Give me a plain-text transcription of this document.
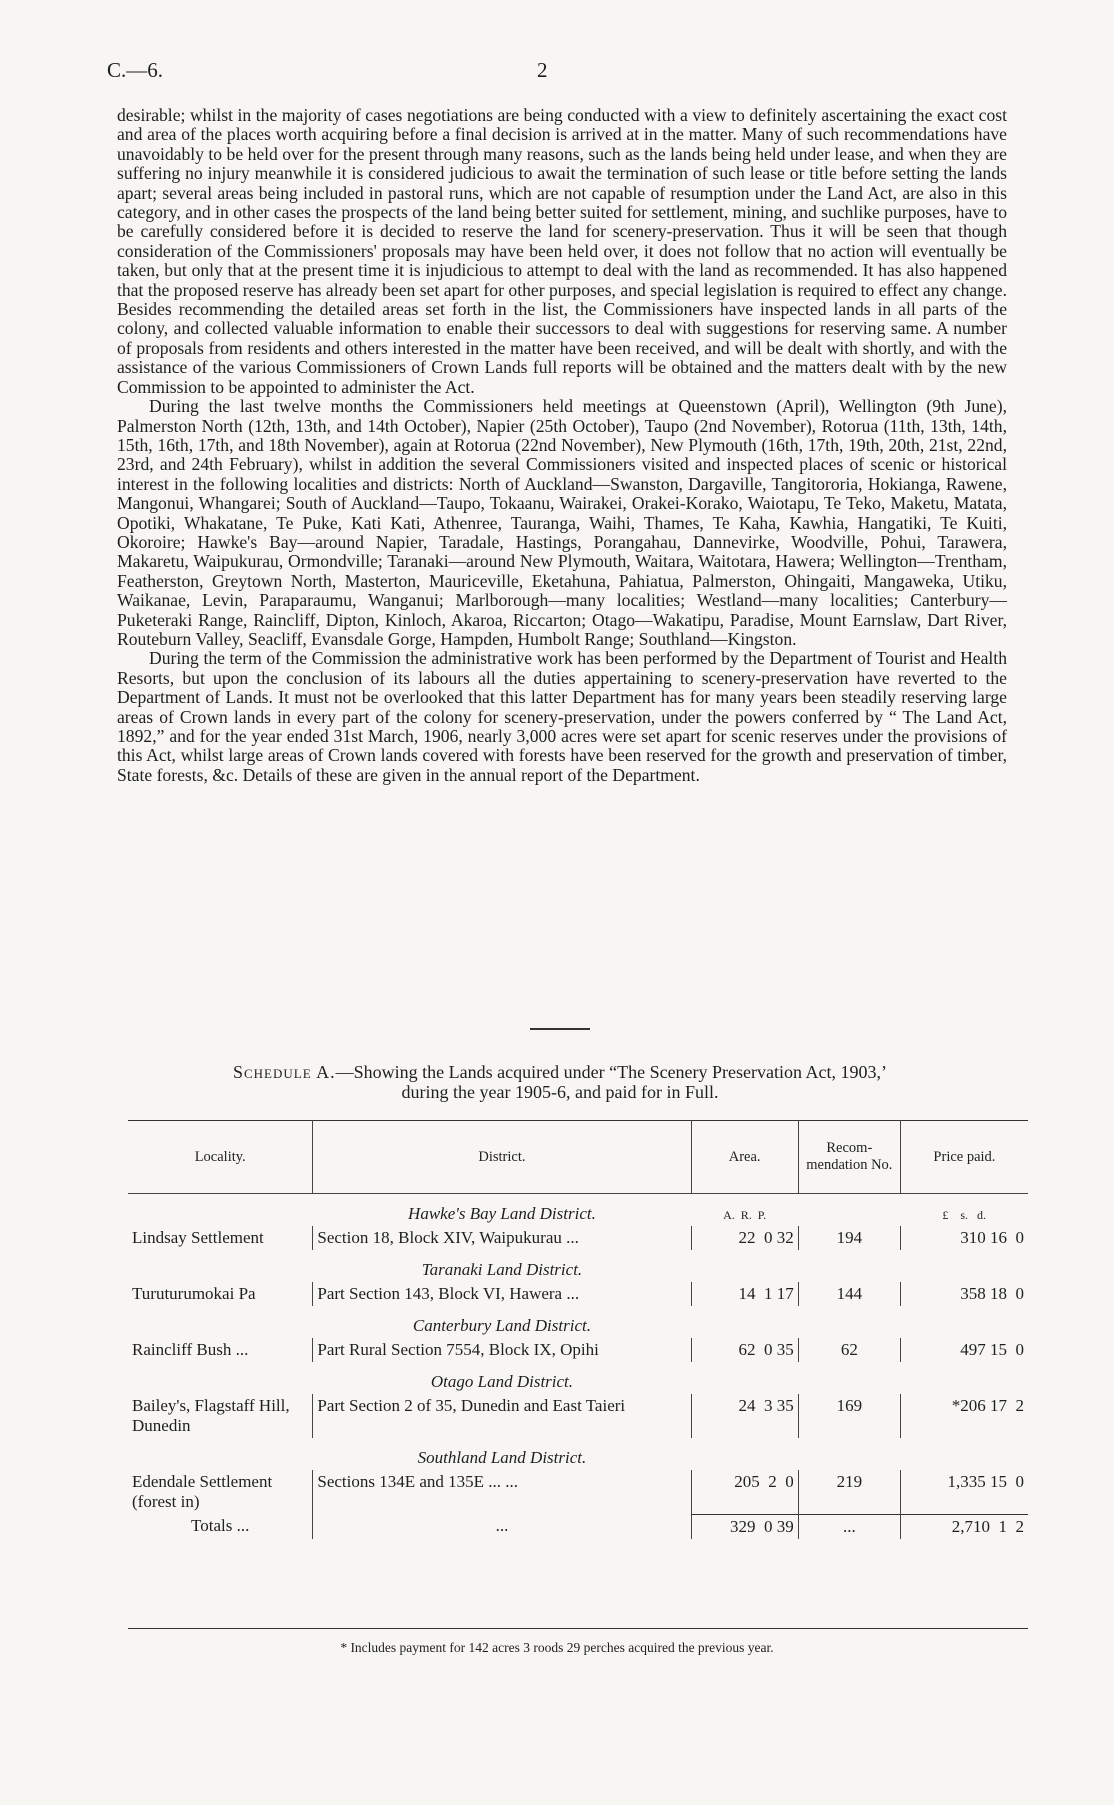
C.—6.	2

desirable; whilst in the majority of cases negotiations are being conducted with a view to definitely ascertaining the exact cost and area of the places worth acquiring before a final decision is arrived at in the matter. Many of such recommendations have unavoidably to be held over for the present through many reasons, such as the lands being held under lease, and when they are suffering no injury meanwhile it is considered judicious to await the termination of such lease or title before setting the lands apart; several areas being included in pastoral runs, which are not capable of resumption under the Land Act, are also in this category, and in other cases the prospects of the land being better suited for settlement, mining, and suchlike purposes, have to be carefully considered before it is decided to reserve the land for scenery-preservation. Thus it will be seen that though consideration of the Commissioners' proposals may have been held over, it does not follow that no action will eventually be taken, but only that at the present time it is injudicious to attempt to deal with the land as recommended. It has also happened that the proposed reserve has already been set apart for other purposes, and special legislation is required to effect any change. Besides recommending the detailed areas set forth in the list, the Commissioners have inspected lands in all parts of the colony, and collected valuable information to enable their successors to deal with suggestions for reserving same. A number of proposals from residents and others interested in the matter have been received, and will be dealt with shortly, and with the assistance of the various Commissioners of Crown Lands full reports will be obtained and the matters dealt with by the new Commission to be appointed to administer the Act.

During the last twelve months the Commissioners held meetings at Queenstown (April), Wellington (9th June), Palmerston North (12th, 13th, and 14th October), Napier (25th October), Taupo (2nd November), Rotorua (11th, 13th, 14th, 15th, 16th, 17th, and 18th November), again at Rotorua (22nd November), New Plymouth (16th, 17th, 19th, 20th, 21st, 22nd, 23rd, and 24th February), whilst in addition the several Commissioners visited and inspected places of scenic or historical interest in the following localities and districts: North of Auckland—Swanston, Dargaville, Tangitororia, Hokianga, Rawene, Mangonui, Whangarei; South of Auckland—Taupo, Tokaanu, Wairakei, Orakei-Korako, Waiotapu, Te Teko, Maketu, Matata, Opotiki, Whakatane, Te Puke, Kati Kati, Athenree, Tauranga, Waihi, Thames, Te Kaha, Kawhia, Hangatiki, Te Kuiti, Okoroire; Hawke's Bay—around Napier, Taradale, Hastings, Porangahau, Dannevirke, Woodville, Pohui, Tarawera, Makaretu, Waipukurau, Ormondville; Taranaki—around New Plymouth, Waitara, Waitotara, Hawera; Wellington—Trentham, Featherston, Greytown North, Masterton, Mauriceville, Eketahuna, Pahiatua, Palmerston, Ohingaiti, Mangaweka, Utiku, Waikanae, Levin, Paraparaumu, Wanganui; Marlborough—many localities; Westland—many localities; Canterbury—Puketeraki Range, Raincliff, Dipton, Kinloch, Akaroa, Riccarton; Otago—Wakatipu, Paradise, Mount Earnslaw, Dart River, Routeburn Valley, Seacliff, Evansdale Gorge, Hampden, Humbolt Range; Southland—Kingston.

During the term of the Commission the administrative work has been performed by the Department of Tourist and Health Resorts, but upon the conclusion of its labours all the duties appertaining to scenery-preservation have reverted to the Department of Lands. It must not be overlooked that this latter Department has for many years been steadily reserving large areas of Crown lands in every part of the colony for scenery-preservation, under the powers conferred by “ The Land Act, 1892,” and for the year ended 31st March, 1906, nearly 3,000 acres were set apart for scenic reserves under the provisions of this Act, whilst large areas of Crown lands covered with forests have been reserved for the growth and preservation of timber, State forests, &c. Details of these are given in the annual report of the Department.

Schedule A.—Showing the Lands acquired under “The Scenery Preservation Act, 1903,’
during the year 1905-6, and paid for in Full.
Locality.	District.	Area.	Recom-mendation No.	Price paid.
	Hawke's Bay Land District.	A.  R.  P.		£    s.   d.
Lindsay Settlement	Section 18, Block XIV, Waipukurau ...	22  0 32	194	310 16  0
	Taranaki Land District.			
Turuturumokai Pa	Part Section 143, Block VI, Hawera ...	14  1 17	144	358 18  0
	Canterbury Land District.			
Raincliff Bush ...	Part Rural Section 7554, Block IX, Opihi	62  0 35	62	497 15  0
	Otago Land District.			
Bailey's, Flagstaff Hill, Dunedin	Part Section 2 of 35, Dunedin and East Taieri	24  3 35	169	*206 17  2
	Southland Land District.			
Edendale Settlement (forest in)	Sections 134E and 135E ... ...	205  2  0	219	1,335 15  0
Totals ...	...	329  0 39	...	2,710  1  2
* Includes payment for 142 acres 3 roods 29 perches acquired the previous year.
